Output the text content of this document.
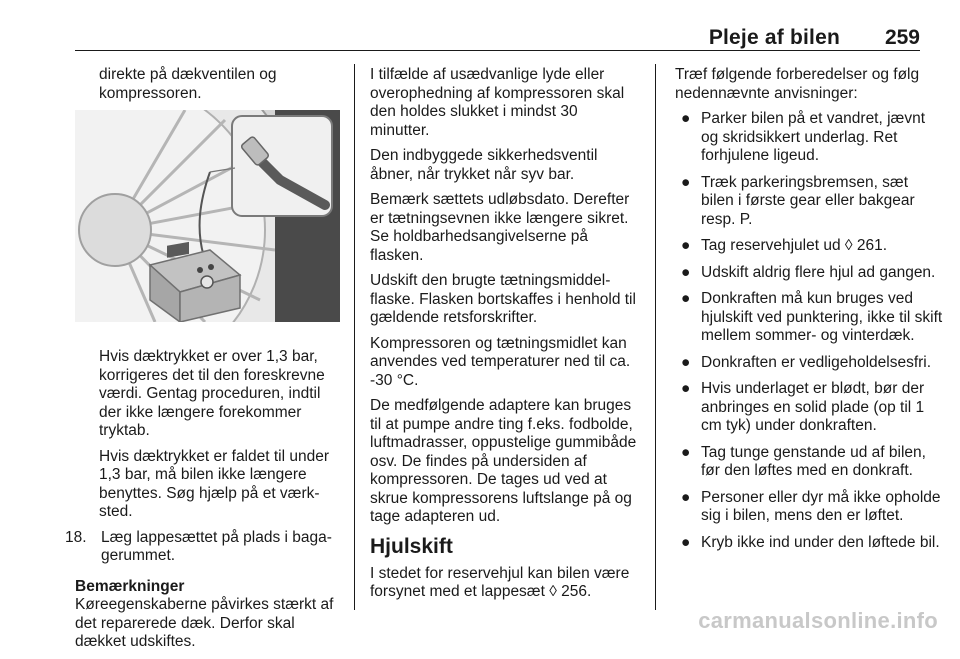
Pleje af bilen 259

direkte på dækventilen og kompressoren.

Hvis dæktrykket er over 1,3 bar, korrigeres det til den foreskrevne værdi. Gentag proceduren, indtil der ikke længere forekommer tryktab.

Hvis dæktrykket er faldet til under 1,3 bar, må bilen ikke længere benyttes. Søg hjælp på et værksted.

18. Læg lappesættet på plads i bagagerummet.
Bemærkninger
Køreegenskaberne påvirkes stærkt af det reparerede dæk. Derfor skal dækket udskiftes.

I tilfælde af usædvanlige lyde eller overophedning af kompressoren skal den holdes slukket i mindst 30 minutter.

Den indbyggede sikkerhedsventil åbner, når trykket når syv bar.

Bemærk sættets udløbsdato. Derefter er tætningsevnen ikke længere sikret. Se holdbarhedsangivelserne på flasken.

Udskift den brugte tætningsmiddelflaske. Flasken bortskaffes i henhold til gældende retsforskrifter.

Kompressoren og tætningsmidlet kan anvendes ved temperaturer ned til ca. -30 °C.

De medfølgende adaptere kan bruges til at pumpe andre ting f.eks. fodbolde, luftmadrasser, oppustelige gummibåde osv. De findes på undersiden af kompressoren. De tages ud ved at skrue kompressorens luftslange på og tage adapteren ud.

Hjulskift

I stedet for reservehjul kan bilen være forsynet med et lappesæt ◊ 256.

Træf følgende forberedelser og følg nedennævnte anvisninger:

● Parker bilen på et vandret, jævnt og skridsikkert underlag. Ret forhjulene ligeud.
● Træk parkeringsbremsen, sæt bilen i første gear eller bakgear resp. P.
● Tag reservehjulet ud ◊ 261.
● Udskift aldrig flere hjul ad gangen.
● Donkraften må kun bruges ved hjulskift ved punktering, ikke til skift mellem sommer- og vinterdæk.
● Donkraften er vedligeholdelsesfri.
● Hvis underlaget er blødt, bør der anbringes en solid plade (op til 1 cm tyk) under donkraften.
● Tag tunge genstande ud af bilen, før den løftes med en donkraft.
● Personer eller dyr må ikke opholde sig i bilen, mens den er løftet.
● Kryb ikke ind under den løftede bil.
carmanualsonline.info
